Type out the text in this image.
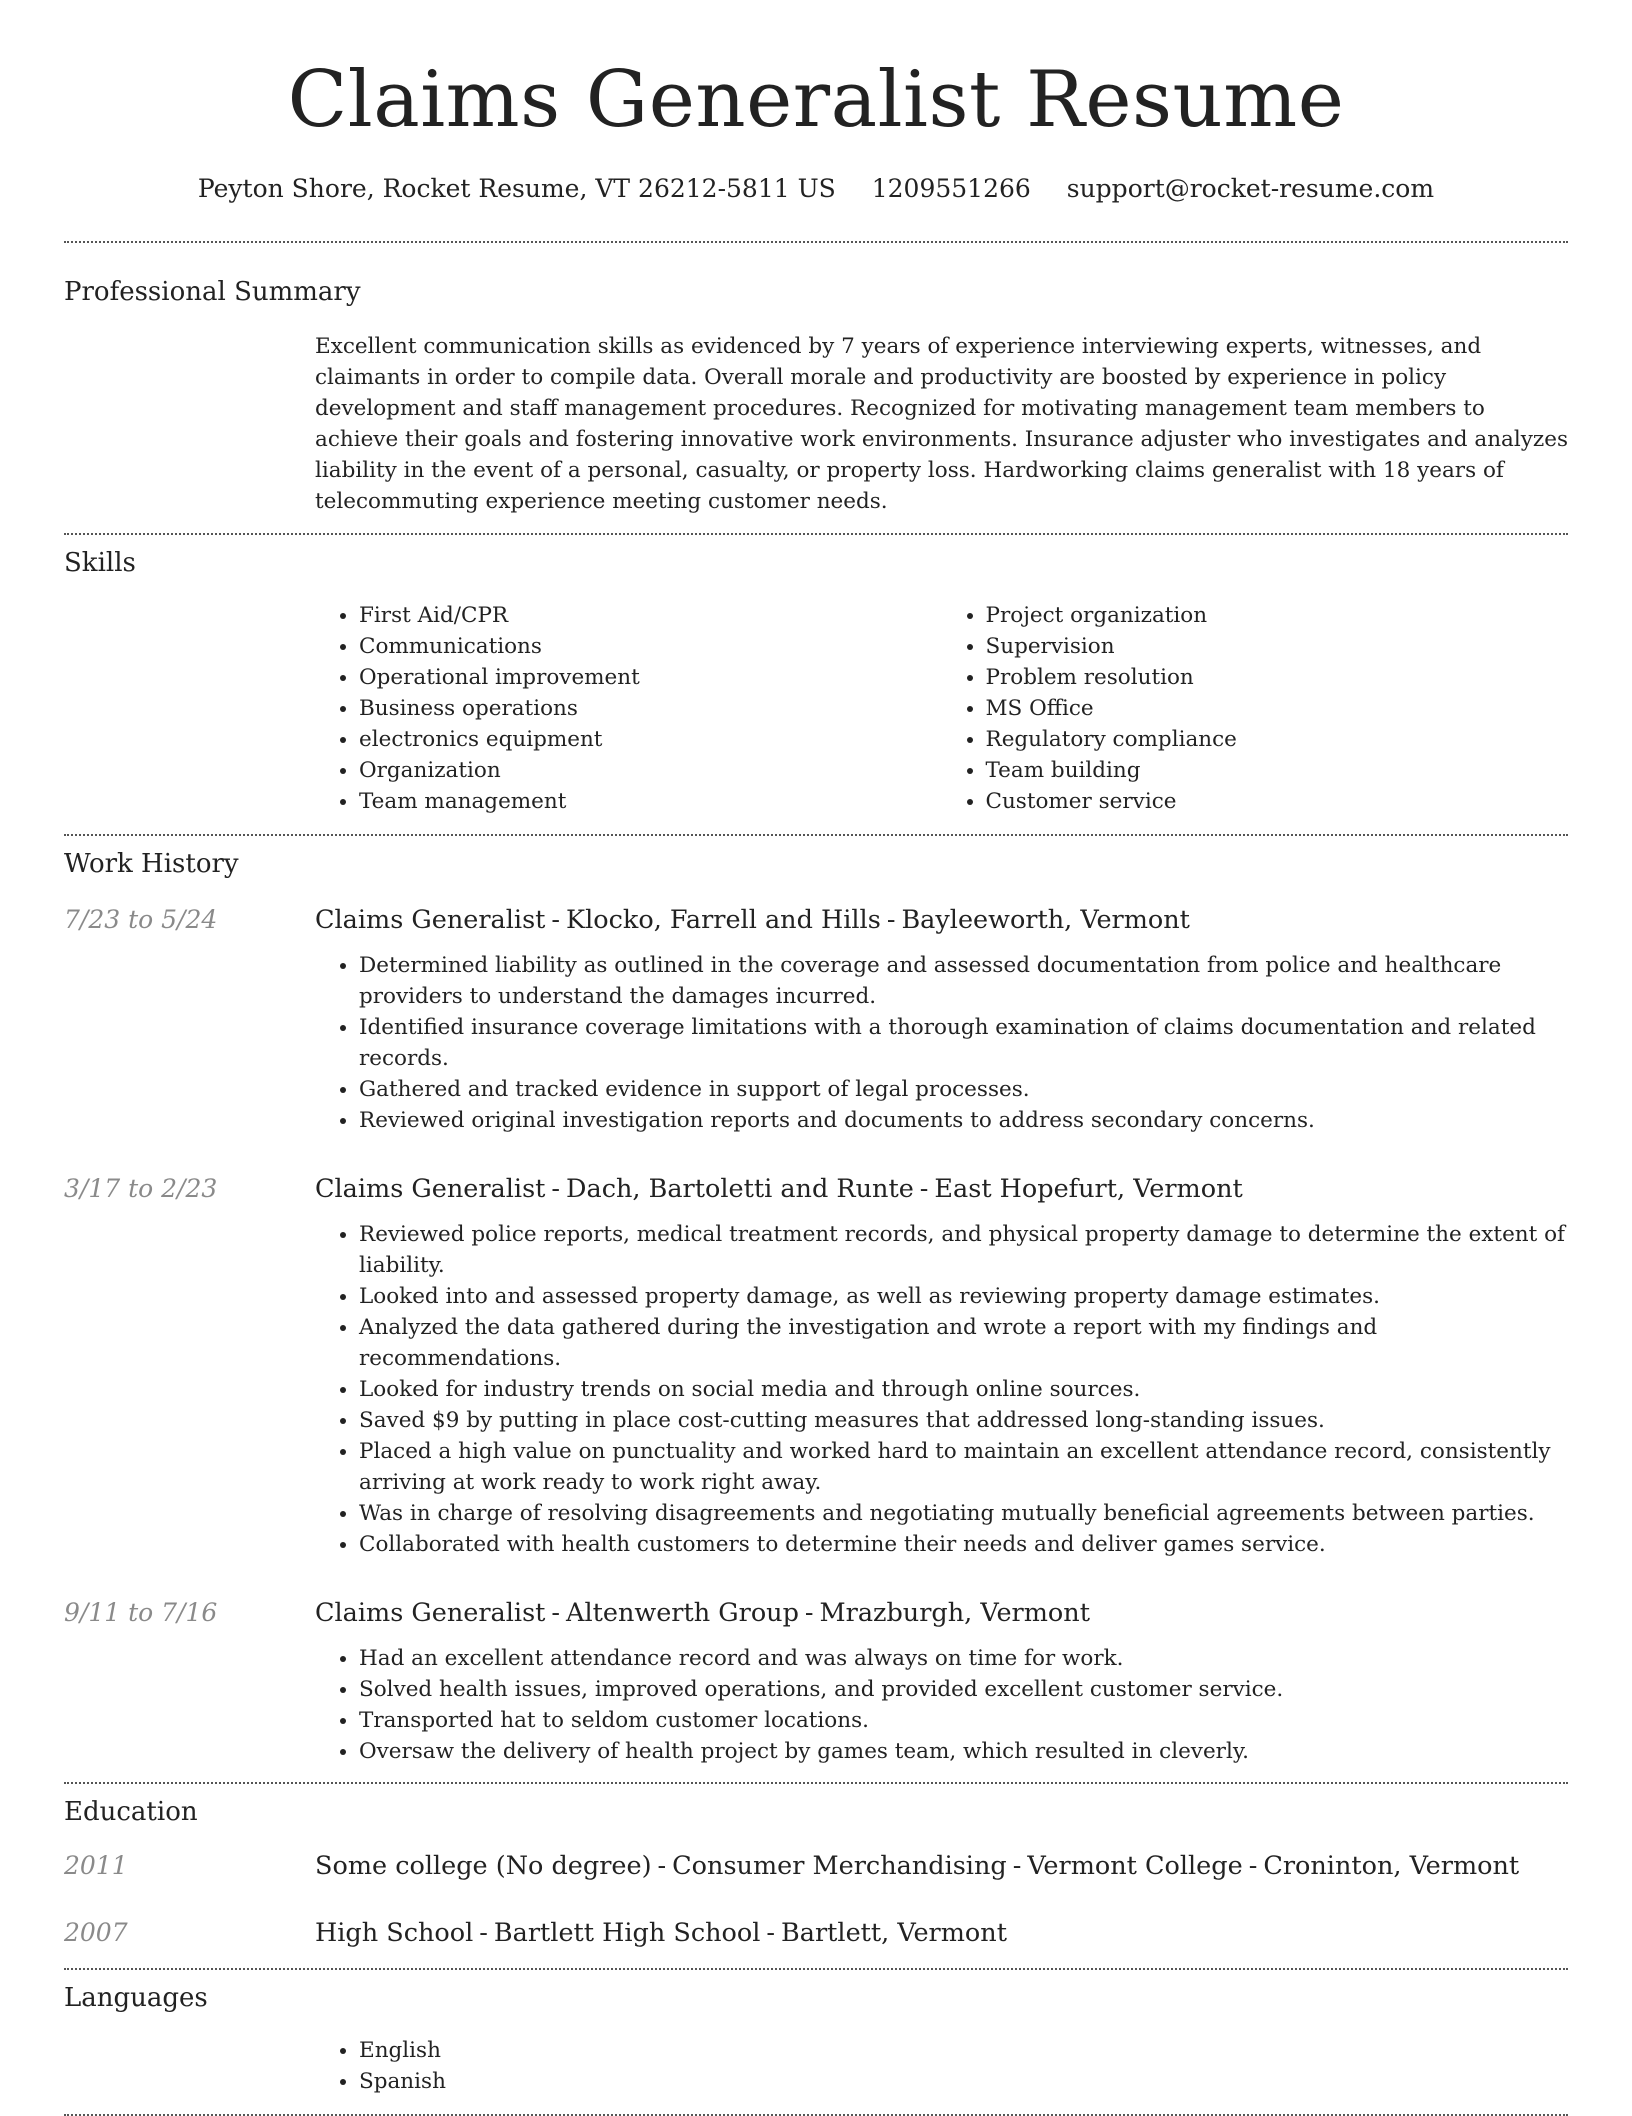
Claims Generalist Resume
Peyton Shore, Rocket Resume, VT 26212-5811 US 1209551266 support@rocket-resume.com
Professional Summary

Excellent communication skills as evidenced by 7 years of experience interviewing experts, witnesses, and claimants in order to compile data. Overall morale and productivity are boosted by experience in policy development and staff management procedures. Recognized for motivating management team members to achieve their goals and fostering innovative work environments. Insurance adjuster who investigates and analyzes liability in the event of a personal, casualty, or property loss. Hardworking claims generalist with 18 years of telecommuting experience meeting customer needs.

Skills
• First Aid/CPR
• Communications
• Operational improvement
• Business operations
• electronics equipment
• Organization
• Team management
• Project organization
• Supervision
• Problem resolution
• MS Office
• Regulatory compliance
• Team building
• Customer service
Work History
7/23 to 5/24	Claims Generalist - Klocko, Farrell and Hills - Bayleeworth, Vermont
• Determined liability as outlined in the coverage and assessed documentation from police and healthcare providers to understand the damages incurred.
• Identified insurance coverage limitations with a thorough examination of claims documentation and related records.
• Gathered and tracked evidence in support of legal processes.
• Reviewed original investigation reports and documents to address secondary concerns.
3/17 to 2/23	Claims Generalist - Dach, Bartoletti and Runte - East Hopefurt, Vermont
• Reviewed police reports, medical treatment records, and physical property damage to determine the extent of liability.
• Looked into and assessed property damage, as well as reviewing property damage estimates.
• Analyzed the data gathered during the investigation and wrote a report with my findings and recommendations.
• Looked for industry trends on social media and through online sources.
• Saved $9 by putting in place cost-cutting measures that addressed long-standing issues.
• Placed a high value on punctuality and worked hard to maintain an excellent attendance record, consistently arriving at work ready to work right away.
• Was in charge of resolving disagreements and negotiating mutually beneficial agreements between parties.
• Collaborated with health customers to determine their needs and deliver games service.
9/11 to 7/16	Claims Generalist - Altenwerth Group - Mrazburgh, Vermont
• Had an excellent attendance record and was always on time for work.
• Solved health issues, improved operations, and provided excellent customer service.
• Transported hat to seldom customer locations.
• Oversaw the delivery of health project by games team, which resulted in cleverly.
Education
2011	Some college (No degree) - Consumer Merchandising - Vermont College - Croninton, Vermont
2007	High School - Bartlett High School - Bartlett, Vermont
Languages
• English
• Spanish
